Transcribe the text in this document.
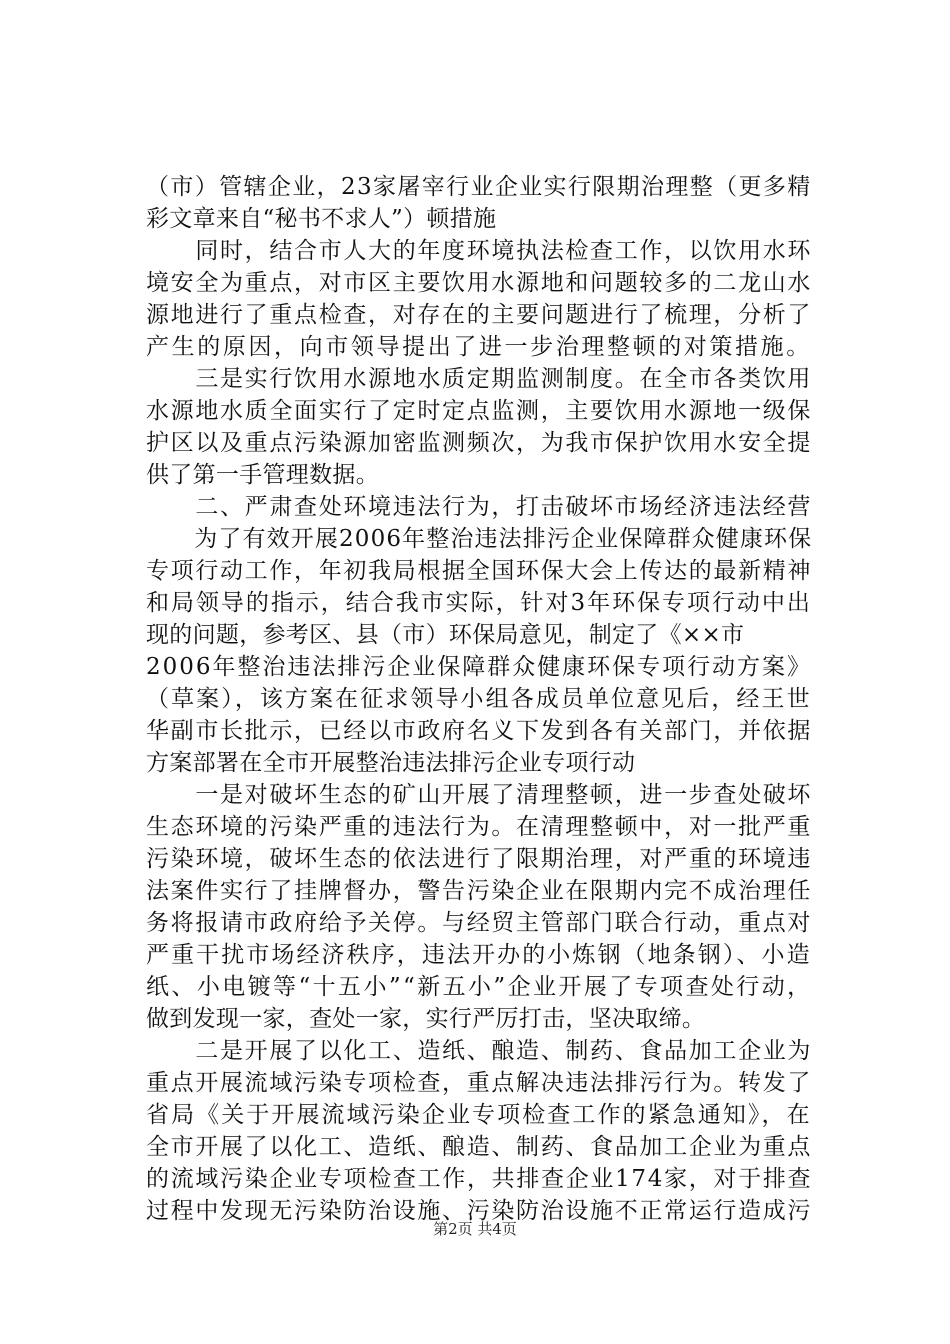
（市）管辖企业，23家屠宰行业企业实行限期治理整（更多精
彩文章来自“秘书不求人”）顿措施
　　同时，结合市人大的年度环境执法检查工作，以饮用水环
境安全为重点，对市区主要饮用水源地和问题较多的二龙山水
源地进行了重点检查，对存在的主要问题进行了梳理，分析了
产生的原因，向市领导提出了进一步治理整顿的对策措施。
　　三是实行饮用水源地水质定期监测制度。在全市各类饮用
水源地水质全面实行了定时定点监测，主要饮用水源地一级保
护区以及重点污染源加密监测频次，为我市保护饮用水安全提
供了第一手管理数据。
　　二、严肃查处环境违法行为，打击破坏市场经济违法经营
　　为了有效开展2006年整治违法排污企业保障群众健康环保
专项行动工作，年初我局根据全国环保大会上传达的最新精神
和局领导的指示，结合我市实际，针对3年环保专项行动中出
现的问题，参考区、县（市）环保局意见，制定了《××市
2006年整治违法排污企业保障群众健康环保专项行动方案》
（草案），该方案在征求领导小组各成员单位意见后，经王世
华副市长批示，已经以市政府名义下发到各有关部门，并依据
方案部署在全市开展整治违法排污企业专项行动
　　一是对破坏生态的矿山开展了清理整顿，进一步查处破坏
生态环境的污染严重的违法行为。在清理整顿中，对一批严重
污染环境，破坏生态的依法进行了限期治理，对严重的环境违
法案件实行了挂牌督办，警告污染企业在限期内完不成治理任
务将报请市政府给予关停。与经贸主管部门联合行动，重点对
严重干扰市场经济秩序，违法开办的小炼钢（地条钢）、小造
纸、小电镀等“十五小”“新五小”企业开展了专项查处行动，
做到发现一家，查处一家，实行严厉打击，坚决取缔。
　　二是开展了以化工、造纸、酿造、制药、食品加工企业为
重点开展流域污染专项检查，重点解决违法排污行为。转发了
省局《关于开展流域污染企业专项检查工作的紧急通知》，在
全市开展了以化工、造纸、酿造、制药、食品加工企业为重点
的流域污染企业专项检查工作，共排查企业174家，对于排查
过程中发现无污染防治设施、污染防治设施不正常运行造成污
第2页 共4页
